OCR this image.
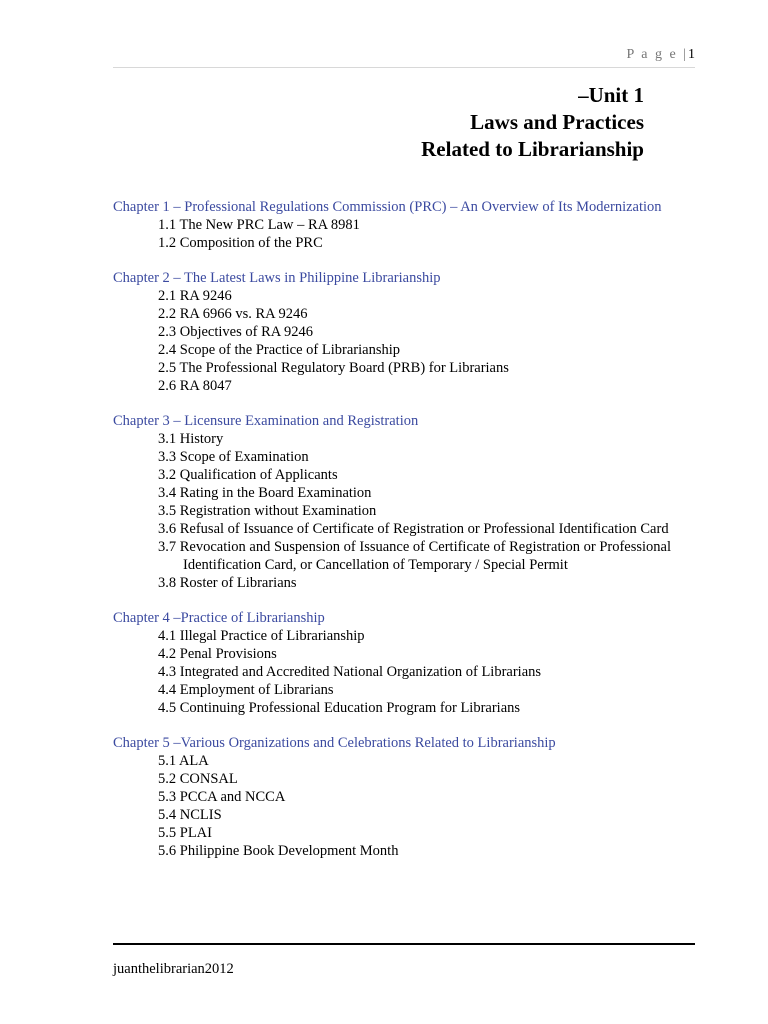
P a g e |1
–Unit 1
Laws and Practices
Related to Librarianship
Chapter 1 – Professional Regulations Commission (PRC) – An Overview of Its Modernization
1.1 The New PRC Law – RA 8981
1.2 Composition of the PRC
Chapter 2 – The Latest Laws in Philippine Librarianship
2.1 RA 9246
2.2 RA 6966 vs. RA 9246
2.3 Objectives of RA 9246
2.4 Scope of the Practice of Librarianship
2.5 The Professional Regulatory Board (PRB) for Librarians
2.6 RA 8047
Chapter 3 – Licensure Examination and Registration
3.1 History
3.3 Scope of Examination
3.2 Qualification of Applicants
3.4 Rating in the Board Examination
3.5 Registration without Examination
3.6 Refusal of Issuance of Certificate of Registration or Professional Identification Card
3.7 Revocation and Suspension of Issuance of Certificate of Registration or Professional
Identification Card, or Cancellation of Temporary / Special Permit
3.8 Roster of Librarians
Chapter 4 –Practice of Librarianship
4.1 Illegal Practice of Librarianship
4.2 Penal Provisions
4.3 Integrated and Accredited National Organization of Librarians
4.4 Employment of Librarians
4.5 Continuing Professional Education Program for Librarians
Chapter 5 –Various Organizations and Celebrations Related to Librarianship
5.1 ALA
5.2 CONSAL
5.3 PCCA and NCCA
5.4 NCLIS
5.5 PLAI
5.6 Philippine Book Development Month
juanthelibrarian2012
